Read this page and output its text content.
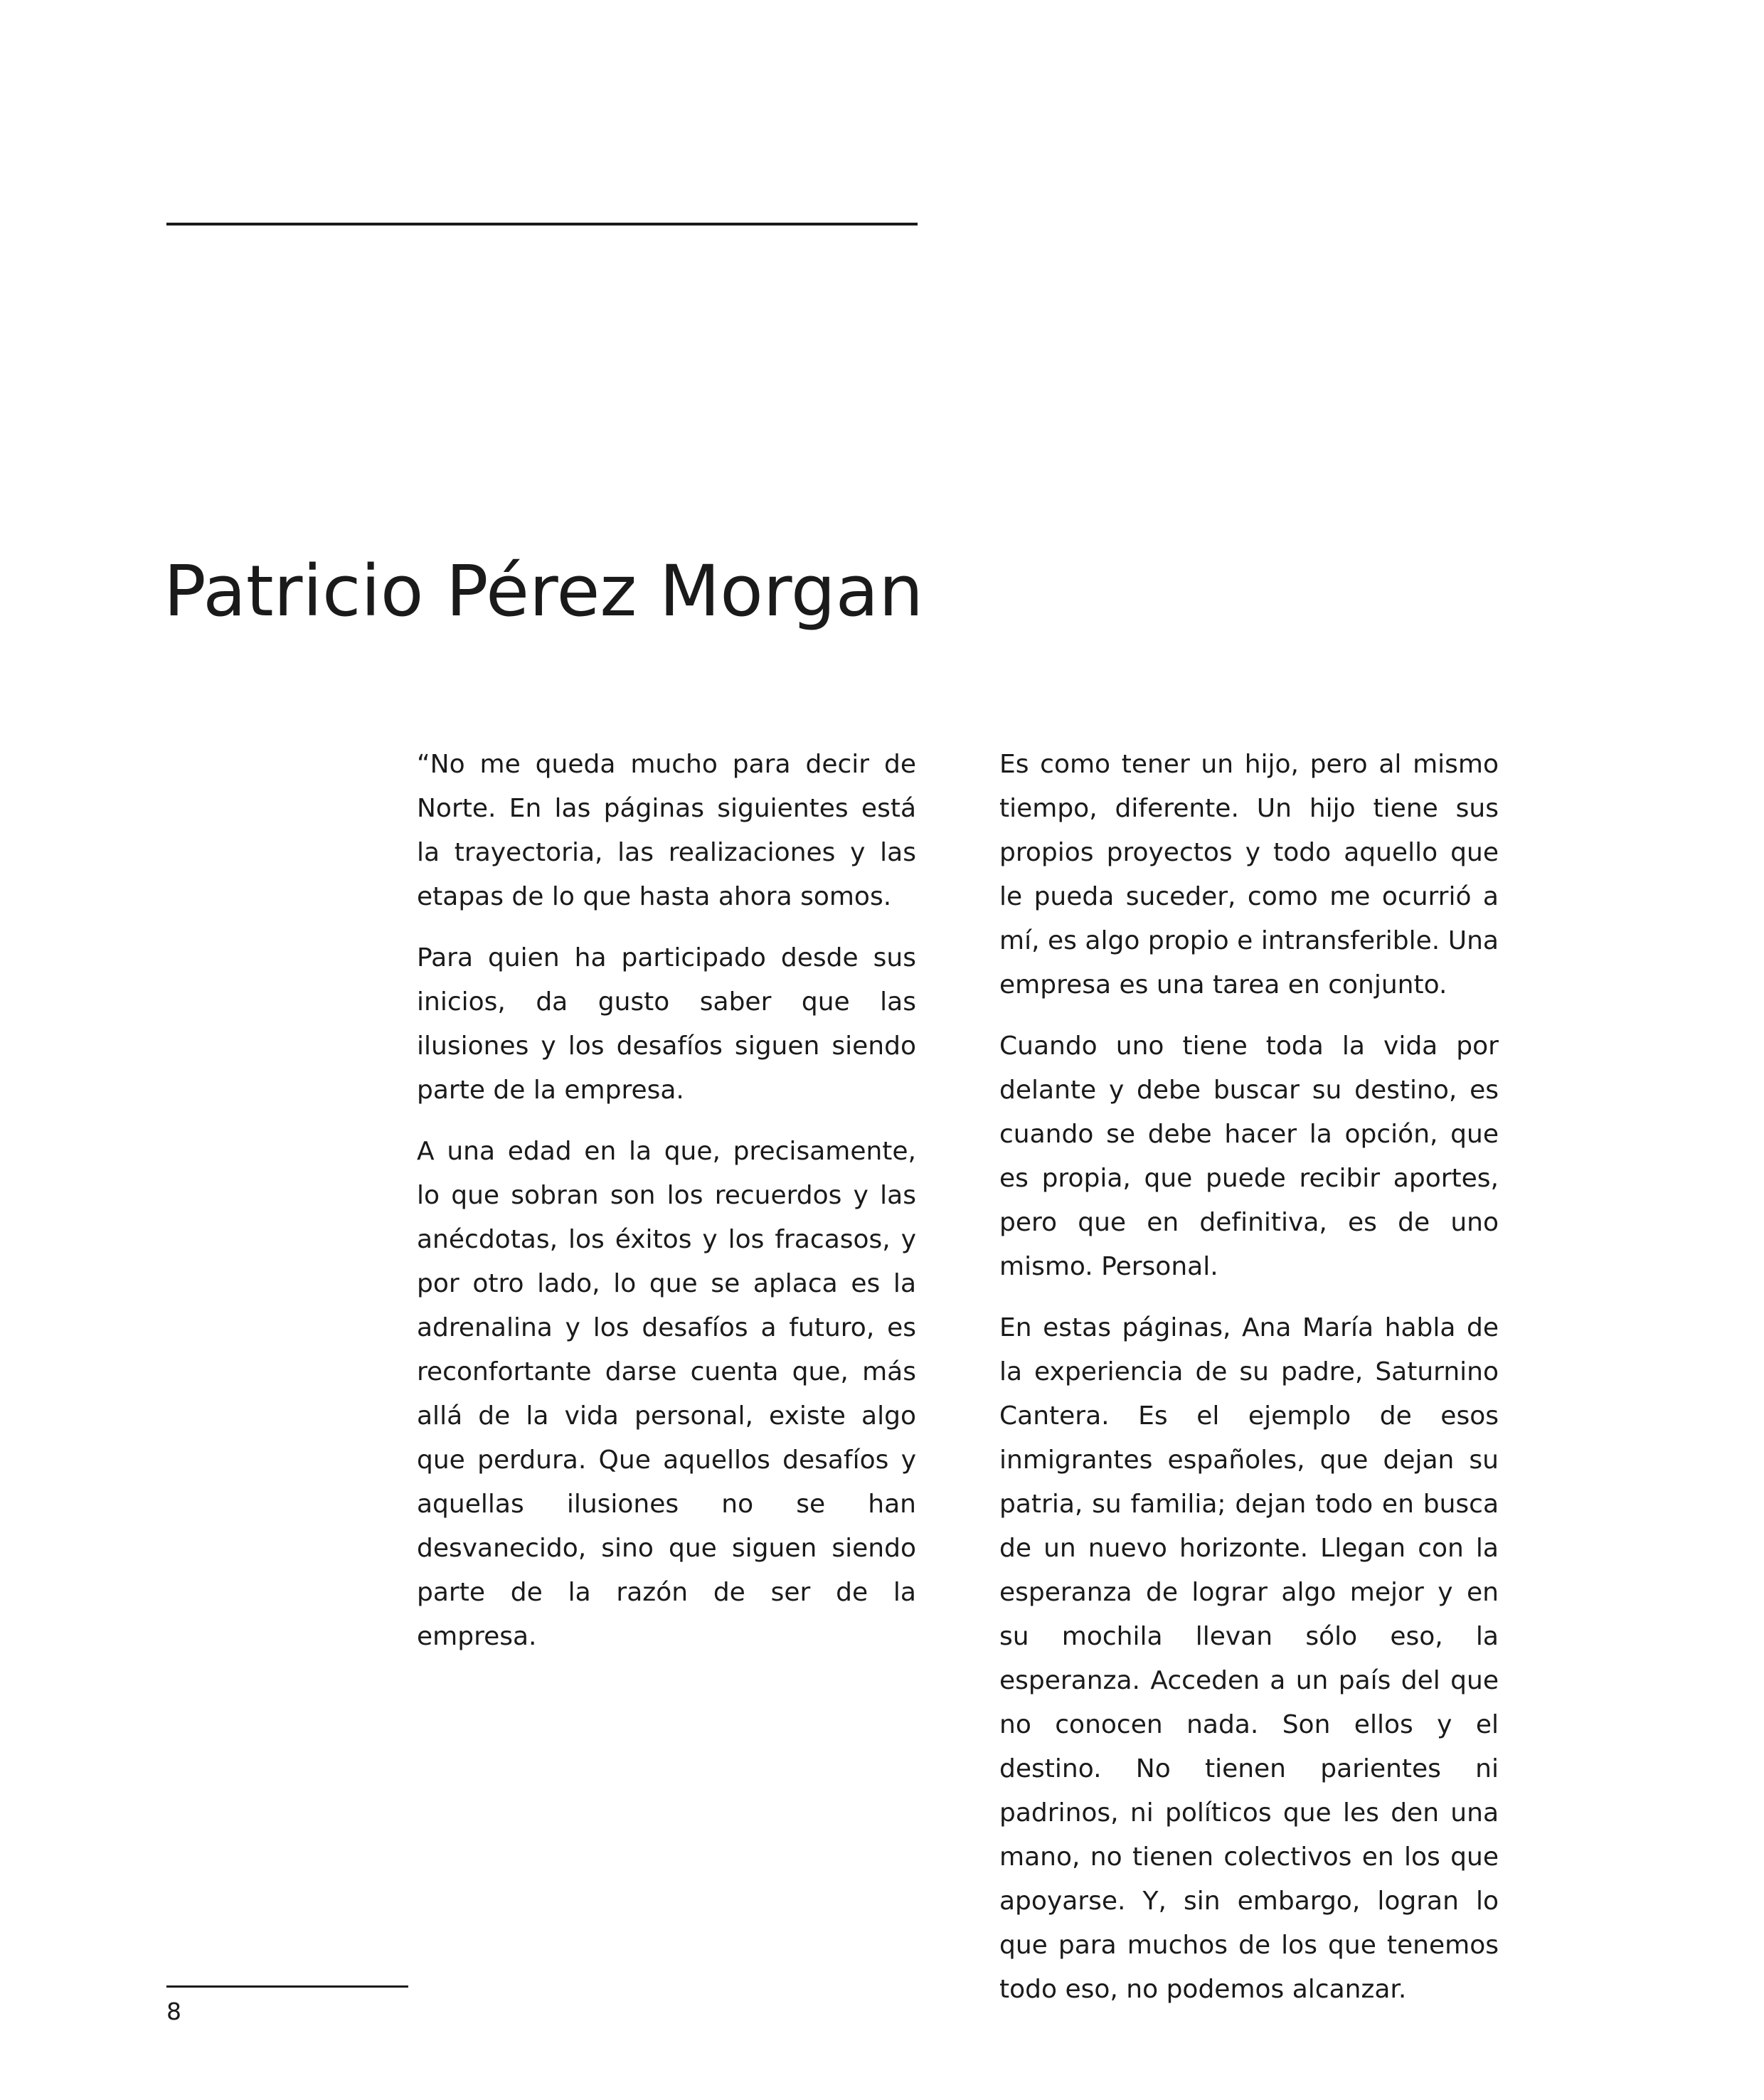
Patricio Pérez Morgan

“No me queda mucho para decir de Norte. En las páginas siguientes está la trayectoria, las realizaciones y las etapas de lo que hasta ahora somos.

Para quien ha participado desde sus inicios, da gusto saber que las ilusiones y los desafíos siguen siendo parte de la empresa.

A una edad en la que, precisamente, lo que sobran son los recuerdos y las anécdotas, los éxitos y los fracasos, y por otro lado, lo que se aplaca es la adrenalina y los desafíos a futuro, es reconfortante darse cuenta que, más allá de la vida personal, existe algo que perdura. Que aquellos desafíos y aquellas ilusiones no se han desvanecido, sino que siguen siendo parte de la razón de ser de la empresa.

Es como tener un hijo, pero al mismo tiempo, diferente. Un hijo tiene sus propios proyectos y todo aquello que le pueda suceder, como me ocurrió a mí, es algo propio e intransferible. Una empresa es una tarea en conjunto.

Cuando uno tiene toda la vida por delante y debe buscar su destino, es cuando se debe hacer la opción, que es propia, que puede recibir aportes, pero que en definitiva, es de uno mismo. Personal.

En estas páginas, Ana María habla de la experiencia de su padre, Saturnino Cantera. Es el ejemplo de esos inmigrantes españoles, que dejan su patria, su familia; dejan todo en busca de un nuevo horizonte. Llegan con la esperanza de lograr algo mejor y en su mochila llevan sólo eso, la esperanza. Acceden a un país del que no conocen nada. Son ellos y el destino. No tienen parientes ni padrinos, ni políticos que les den una mano, no tienen colectivos en los que apoyarse. Y, sin embargo, logran lo que para muchos de los que tenemos todo eso, no podemos alcanzar.

8
